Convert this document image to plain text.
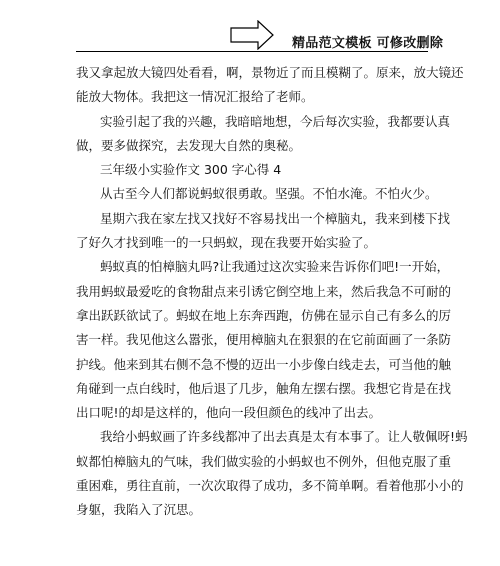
精品范文模板 可修改删除

我又拿起放大镜四处看看，啊，景物近了而且模糊了。原来，放大镜还

能放大物体。我把这一情况汇报给了老师。

实验引起了我的兴趣，我暗暗地想，今后每次实验，我都要认真

做，要多做探究，去发现大自然的奥秘。

三年级小实验作文 300 字心得 4

从古至今人们都说蚂蚁很勇敢。坚强。不怕水淹。不怕火少。

星期六我在家左找又找好不容易找出一个樟脑丸，我来到楼下找

了好久才找到唯一的一只蚂蚁，现在我要开始实验了。

蚂蚁真的怕樟脑丸吗?让我通过这次实验来告诉你们吧!一开始，

我用蚂蚁最爱吃的食物甜点来引诱它倒空地上来，然后我急不可耐的

拿出跃跃欲试了。蚂蚁在地上东奔西跑，仿佛在显示自己有多么的厉

害一样。我见他这么嚣张，便用樟脑丸在狠狠的在它前面画了一条防

护线。他来到其右侧不急不慢的迈出一小步像白线走去，可当他的触

角碰到一点白线时，他后退了几步，触角左摆右摆。我想它肯是在找

出口呢!的却是这样的，他向一段但颜色的线冲了出去。

我给小蚂蚁画了许多线都冲了出去真是太有本事了。让人敬佩呀!蚂

蚁都怕樟脑丸的气味，我们做实验的小蚂蚁也不例外，但他克服了重

重困难，勇往直前，一次次取得了成功，多不简单啊。看着他那小小的

身躯，我陷入了沉思。
